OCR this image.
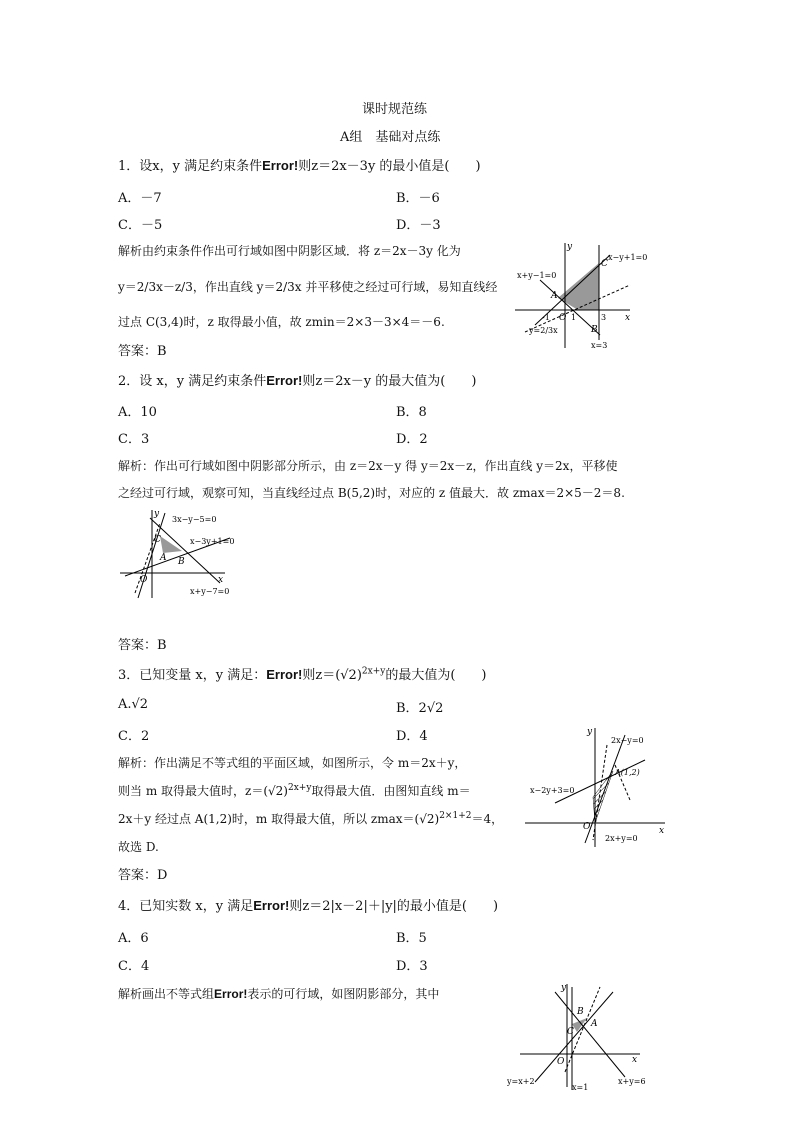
课时规范练
A组　基础对点练
1．设x，y 满足约束条件Error!则z＝2x－3y 的最小值是(　　)
A．－7	B．－6
C．－5	D．－3
解析由约束条件作出可行域如图中阴影区域．将 z＝2x－3y 化为
y＝2/3x－z/3，作出直线 y＝2/3x 并平移使之经过可行域，易知直线经
过点 C(3,4)时，z 取得最小值，故 zmin＝2×3－3×4＝－6.
答案：B
y
x
x−y+1=0
x+y−1=0
y=2/3x
x=3
A
B
C
O 1
-1	3
2．设 x，y 满足约束条件Error!则z＝2x－y 的最大值为(　　)
A．10	B．8
C．3	D．2
解析：作出可行域如图中阴影部分所示，由 z＝2x－y 得 y＝2x－z，作出直线 y＝2x，平移使
之经过可行域，观察可知，当直线经过点 B(5,2)时，对应的 z 值最大．故 zmax＝2×5－2＝8.
y
x
3x−y−5=0
x−3y+1=0
x+y−7=0
A B
C
O
答案：B
3．已知变量 x，y 满足：Error!则$z=(√2)^{2x+y}$的最大值为(　　)
A.√2	B．2√2
C．2	D．4
解析：作出满足不等式组的平面区域，如图所示，令 m＝2x＋y，
则当 m 取得最大值时，$z=(√2)^{2x+y}$取得最大值．由图知直线 m＝
2x＋y 经过点 A(1,2)时，m 取得最大值，所以 $zmax=(√2)^{2\times 1+2}=4$，
故选 D.
答案：D
y
x
2x−y=0
x−2y+3=0
2x+y=0
A(1,2)
O
4．已知实数 x，y 满足Error!则z＝2|x－2|＋|y|的最小值是(　　)
A．6	B．5
C．4	D．3
解析画出不等式组Error!表示的可行域，如图阴影部分，其中	y
x
y=x+2
x=1
x+y=6
A
B
C
O
